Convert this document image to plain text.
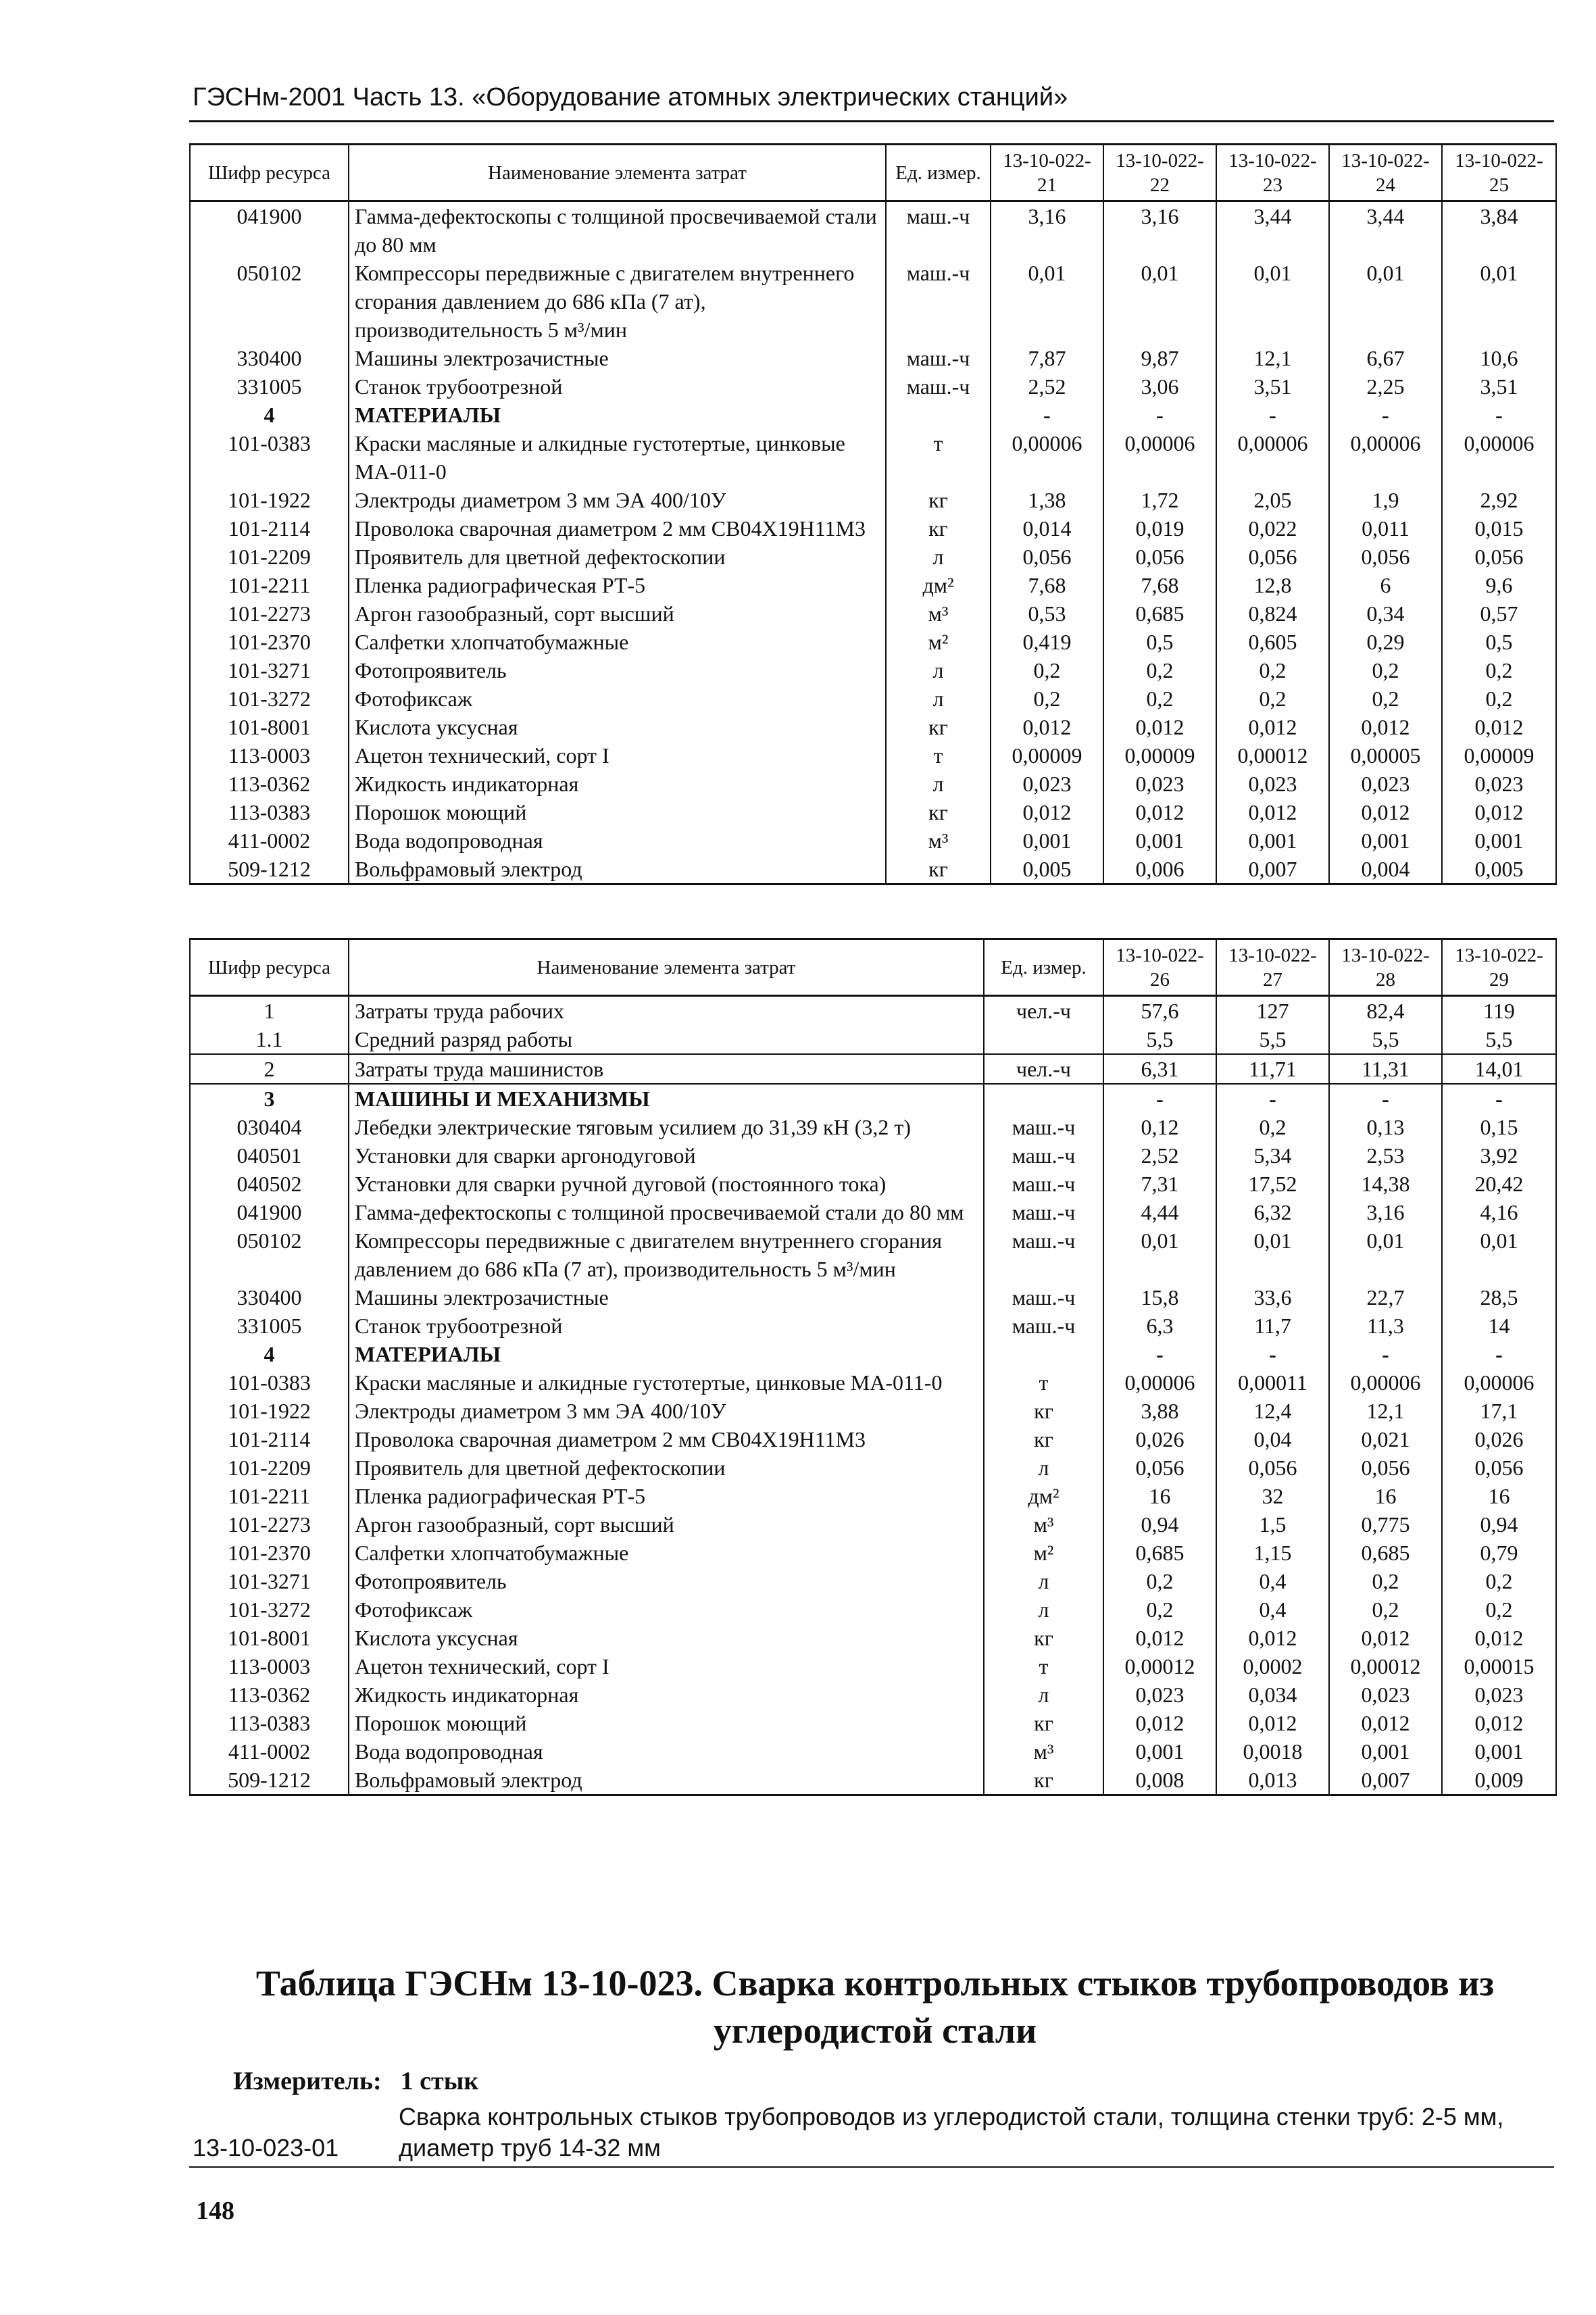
ГЭСНм-2001 Часть 13. «Оборудование атомных электрических станций»
Шифр ресурса	Наименование элемента затрат	Ед. измер.	13-10-022-21	13-10-022-22	13-10-022-23	13-10-022-24	13-10-022-25
041900	Гамма-дефектоскопы с толщиной просвечиваемой стали до 80 мм	маш.-ч	3,16	3,16	3,44	3,44	3,84
050102	Компрессоры передвижные с двигателем внутреннего сгорания давлением до 686 кПа (7 ат), производительность 5 м³/мин	маш.-ч	0,01	0,01	0,01	0,01	0,01
330400	Машины электрозачистные	маш.-ч	7,87	9,87	12,1	6,67	10,6
331005	Станок трубоотрезной	маш.-ч	2,52	3,06	3,51	2,25	3,51
4	МАТЕРИАЛЫ		-	-	-	-	-
101-0383	Краски масляные и алкидные густотертые, цинковые МА-011-0	т	0,00006	0,00006	0,00006	0,00006	0,00006
101-1922	Электроды диаметром 3 мм ЭА 400/10У	кг	1,38	1,72	2,05	1,9	2,92
101-2114	Проволока сварочная диаметром 2 мм СВ04Х19Н11М3	кг	0,014	0,019	0,022	0,011	0,015
101-2209	Проявитель для цветной дефектоскопии	л	0,056	0,056	0,056	0,056	0,056
101-2211	Пленка радиографическая РТ-5	дм²	7,68	7,68	12,8	6	9,6
101-2273	Аргон газообразный, сорт высший	м³	0,53	0,685	0,824	0,34	0,57
101-2370	Салфетки хлопчатобумажные	м²	0,419	0,5	0,605	0,29	0,5
101-3271	Фотопроявитель	л	0,2	0,2	0,2	0,2	0,2
101-3272	Фотофиксаж	л	0,2	0,2	0,2	0,2	0,2
101-8001	Кислота уксусная	кг	0,012	0,012	0,012	0,012	0,012
113-0003	Ацетон технический, сорт I	т	0,00009	0,00009	0,00012	0,00005	0,00009
113-0362	Жидкость индикаторная	л	0,023	0,023	0,023	0,023	0,023
113-0383	Порошок моющий	кг	0,012	0,012	0,012	0,012	0,012
411-0002	Вода водопроводная	м³	0,001	0,001	0,001	0,001	0,001
509-1212	Вольфрамовый электрод	кг	0,005	0,006	0,007	0,004	0,005
Шифр ресурса	Наименование элемента затрат	Ед. измер.	13-10-022-26	13-10-022-27	13-10-022-28	13-10-022-29
1	Затраты труда рабочих	чел.-ч	57,6	127	82,4	119
1.1	Средний разряд работы		5,5	5,5	5,5	5,5
2	Затраты труда машинистов	чел.-ч	6,31	11,71	11,31	14,01
3	МАШИНЫ И МЕХАНИЗМЫ		-	-	-	-
030404	Лебедки электрические тяговым усилием до 31,39 кН (3,2 т)	маш.-ч	0,12	0,2	0,13	0,15
040501	Установки для сварки аргонодуговой	маш.-ч	2,52	5,34	2,53	3,92
040502	Установки для сварки ручной дуговой (постоянного тока)	маш.-ч	7,31	17,52	14,38	20,42
041900	Гамма-дефектоскопы с толщиной просвечиваемой стали до 80 мм	маш.-ч	4,44	6,32	3,16	4,16
050102	Компрессоры передвижные с двигателем внутреннего сгорания давлением до 686 кПа (7 ат), производительность 5 м³/мин	маш.-ч	0,01	0,01	0,01	0,01
330400	Машины электрозачистные	маш.-ч	15,8	33,6	22,7	28,5
331005	Станок трубоотрезной	маш.-ч	6,3	11,7	11,3	14
4	МАТЕРИАЛЫ		-	-	-	-
101-0383	Краски масляные и алкидные густотертые, цинковые МА-011-0	т	0,00006	0,00011	0,00006	0,00006
101-1922	Электроды диаметром 3 мм ЭА 400/10У	кг	3,88	12,4	12,1	17,1
101-2114	Проволока сварочная диаметром 2 мм СВ04Х19Н11М3	кг	0,026	0,04	0,021	0,026
101-2209	Проявитель для цветной дефектоскопии	л	0,056	0,056	0,056	0,056
101-2211	Пленка радиографическая РТ-5	дм²	16	32	16	16
101-2273	Аргон газообразный, сорт высший	м³	0,94	1,5	0,775	0,94
101-2370	Салфетки хлопчатобумажные	м²	0,685	1,15	0,685	0,79
101-3271	Фотопроявитель	л	0,2	0,4	0,2	0,2
101-3272	Фотофиксаж	л	0,2	0,4	0,2	0,2
101-8001	Кислота уксусная	кг	0,012	0,012	0,012	0,012
113-0003	Ацетон технический, сорт I	т	0,00012	0,0002	0,00012	0,00015
113-0362	Жидкость индикаторная	л	0,023	0,034	0,023	0,023
113-0383	Порошок моющий	кг	0,012	0,012	0,012	0,012
411-0002	Вода водопроводная	м³	0,001	0,0018	0,001	0,001
509-1212	Вольфрамовый электрод	кг	0,008	0,013	0,007	0,009
Таблица ГЭСНм 13-10-023. Сварка контрольных стыков трубопроводов из углеродистой стали
Измеритель: 1 стык
Сварка контрольных стыков трубопроводов из углеродистой стали, толщина стенки труб: 2-5 мм, диаметр труб 14-32 мм
13-10-023-01
148
